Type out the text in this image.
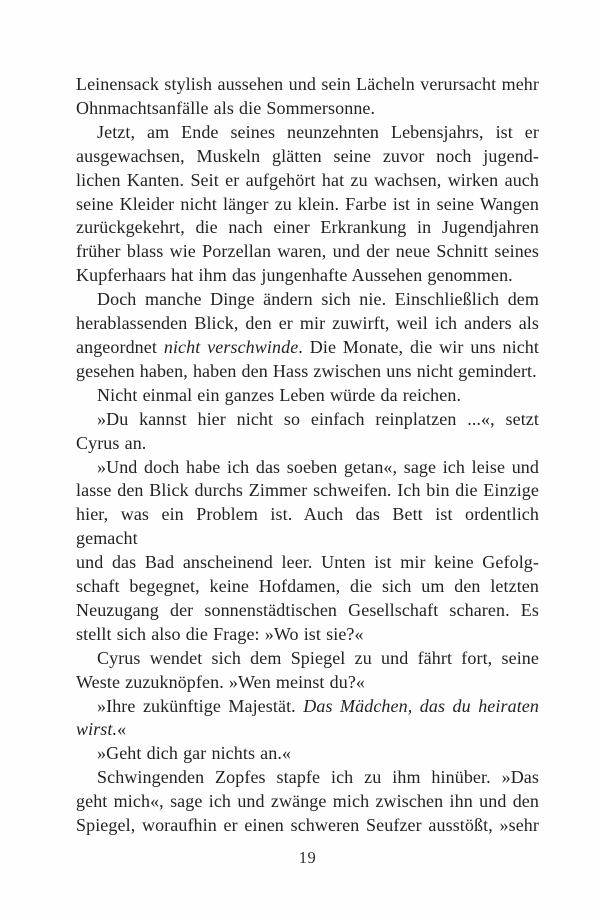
Leinensack stylish aussehen und sein Lächeln verursacht mehr
Ohnmachtsanfälle als die Sommersonne.
Jetzt, am Ende seines neunzehnten Lebensjahrs, ist er
ausgewachsen, Muskeln glätten seine zuvor noch jugend-
lichen Kanten. Seit er aufgehört hat zu wachsen, wirken auch
seine Kleider nicht länger zu klein. Farbe ist in seine Wangen
zurückgekehrt, die nach einer Erkrankung in Jugendjahren
früher blass wie Porzellan waren, und der neue Schnitt seines
Kupferhaars hat ihm das jungenhafte Aussehen genommen.
Doch manche Dinge ändern sich nie. Einschließlich dem
herablassenden Blick, den er mir zuwirft, weil ich anders als
angeordnet nicht verschwinde. Die Monate, die wir uns nicht
gesehen haben, haben den Hass zwischen uns nicht gemindert.
Nicht einmal ein ganzes Leben würde da reichen.
»Du kannst hier nicht so einfach reinplatzen ...«, setzt
Cyrus an.
»Und doch habe ich das soeben getan«, sage ich leise und
lasse den Blick durchs Zimmer schweifen. Ich bin die Einzige
hier, was ein Problem ist. Auch das Bett ist ordentlich gemacht
und das Bad anscheinend leer. Unten ist mir keine Gefolg-
schaft begegnet, keine Hofdamen, die sich um den letzten
Neuzugang der sonnenstädtischen Gesellschaft scharen. Es
stellt sich also die Frage: »Wo ist sie?«
Cyrus wendet sich dem Spiegel zu und fährt fort, seine
Weste zuzuknöpfen. »Wen meinst du?«
»Ihre zukünftige Majestät. Das Mädchen, das du heiraten
wirst.«
»Geht dich gar nichts an.«
Schwingenden Zopfes stapfe ich zu ihm hinüber. »Das
geht mich«, sage ich und zwänge mich zwischen ihn und den
Spiegel, woraufhin er einen schweren Seufzer ausstößt, »sehr
19
